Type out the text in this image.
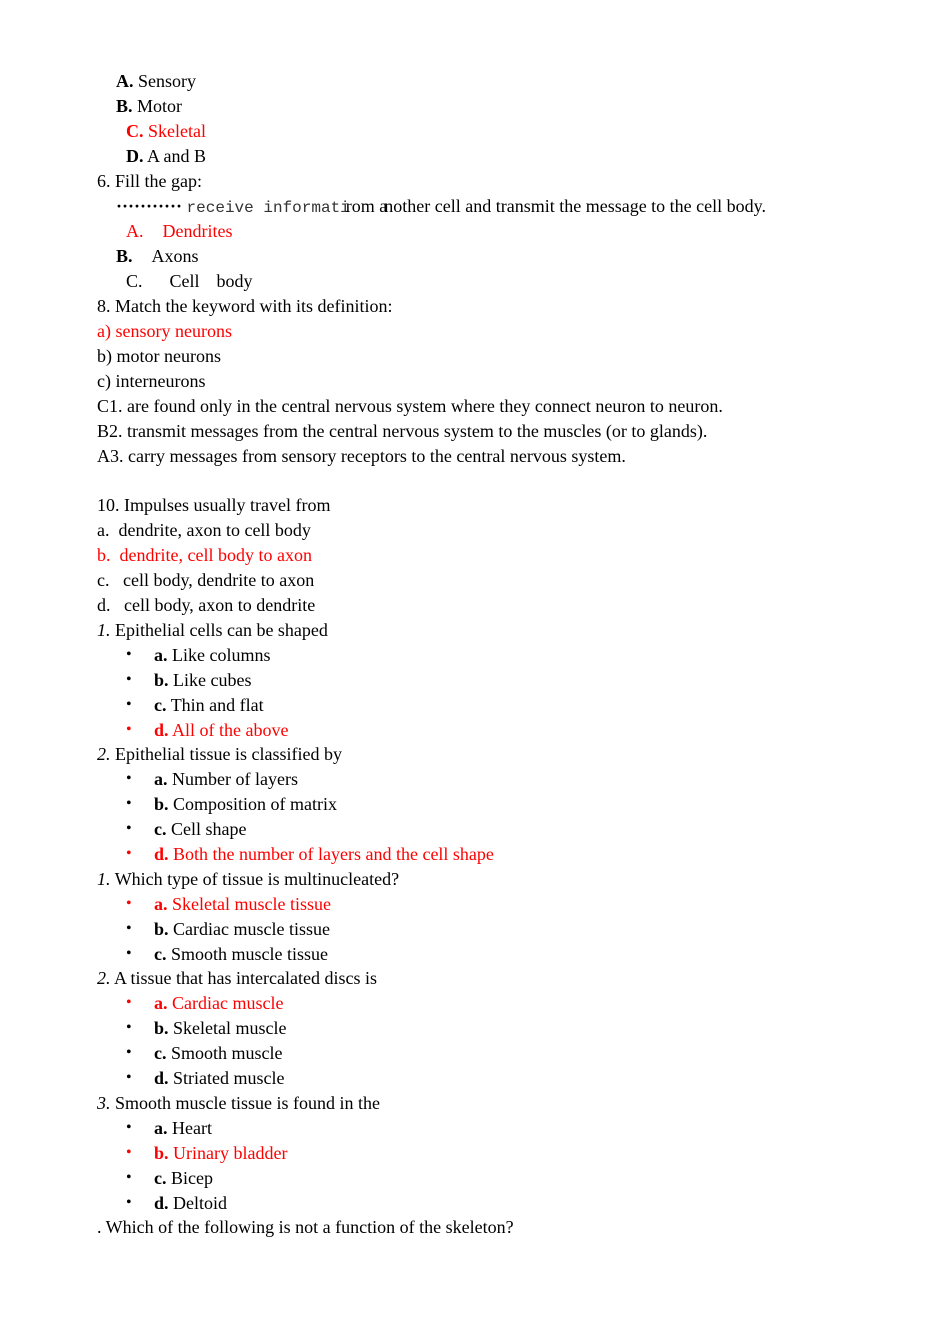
A. Sensory
B. Motor
C. Skeletal
D. A and B
6. Fill the gap:
··········· receive informatirom another cell and transmit the message to the cell body.
A. Dendrites
B. Axons
C. Cell body
8. Match the keyword with its definition:
a) sensory neurons
b) motor neurons
c) interneurons
C1. are found only in the central nervous system where they connect neuron to neuron.
B2. transmit messages from the central nervous system to the muscles (or to glands).
A3. carry messages from sensory receptors to the central nervous system.
10. Impulses usually travel from
a.  dendrite, axon to cell body
b.  dendrite, cell body to axon
c.   cell body, dendrite to axon
d.   cell body, axon to dendrite
1. Epithelial cells can be shaped
• a. Like columns
• b. Like cubes
• c. Thin and flat
• d. All of the above
2. Epithelial tissue is classified by
• a. Number of layers
• b. Composition of matrix
• c. Cell shape
• d. Both the number of layers and the cell shape
1. Which type of tissue is multinucleated?
• a. Skeletal muscle tissue
• b. Cardiac muscle tissue
• c. Smooth muscle tissue
2. A tissue that has intercalated discs is
• a. Cardiac muscle
• b. Skeletal muscle
• c. Smooth muscle
• d. Striated muscle
3. Smooth muscle tissue is found in the
• a. Heart
• b. Urinary bladder
• c. Bicep
• d. Deltoid
. Which of the following is not a function of the skeleton?
